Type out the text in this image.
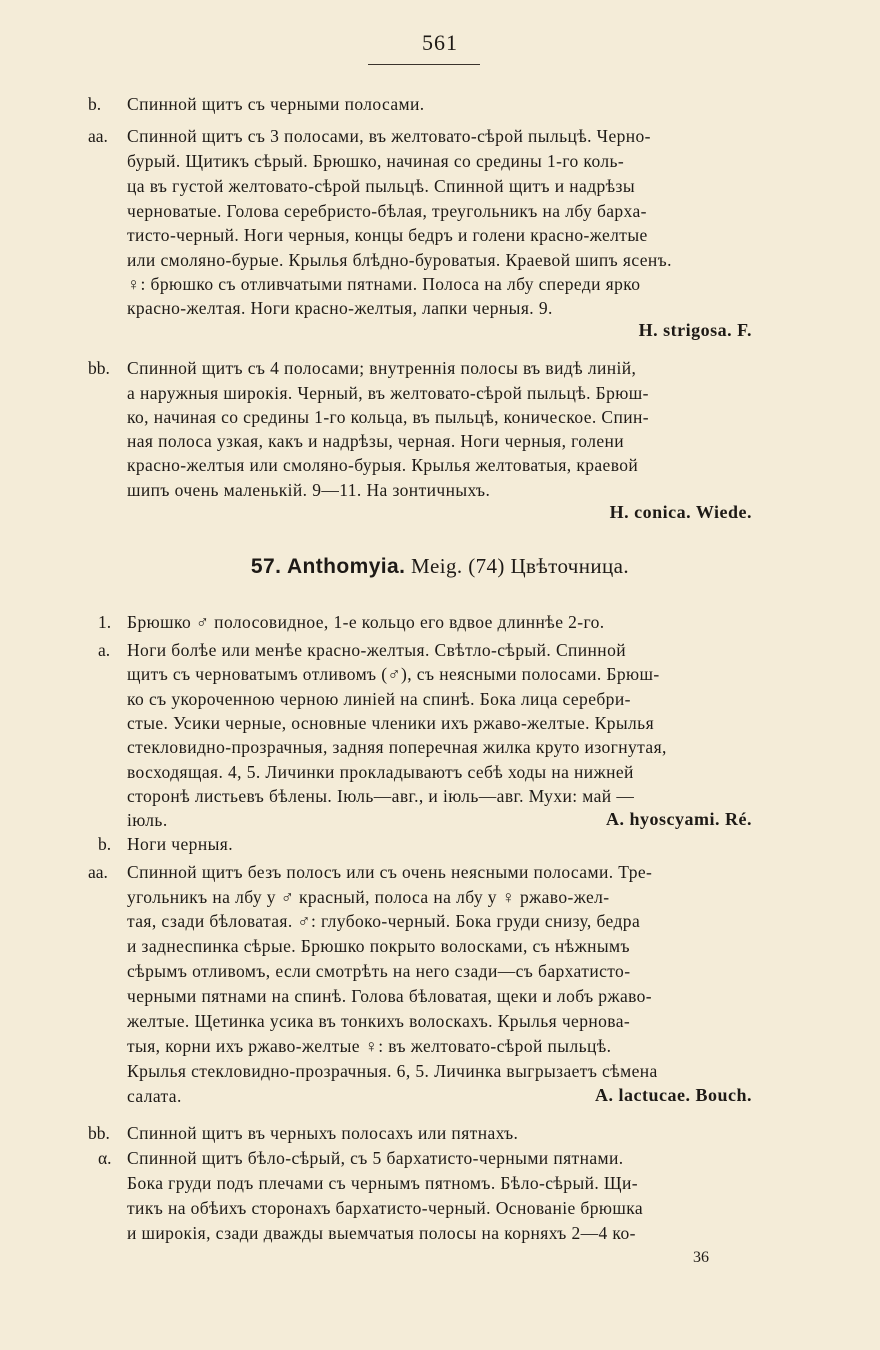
561
b. Спинной щитъ съ черными полосами.
aa. Спинной щитъ съ 3 полосами, въ желтовато-сѣрой пыльцѣ. Черно-
бурый. Щитикъ сѣрый. Брюшко, начиная со средины 1-го коль-
ца въ густой желтовато-сѣрой пыльцѣ. Спинной щитъ и надрѣзы
черноватые. Голова серебристо-бѣлая, треугольникъ на лбу барха-
тисто-черный. Ноги черныя, концы бедръ и голени красно-желтые
или смоляно-бурые. Крылья блѣдно-буроватыя. Краевой шипъ ясенъ.
♀: брюшко съ отливчатыми пятнами. Полоса на лбу спереди ярко
красно-желтая. Ноги красно-желтыя, лапки черныя. 9.
H. strigosa. F.
bb. Спинной щитъ съ 4 полосами; внутреннія полосы въ видѣ линій,
а наружныя широкія. Черный, въ желтовато-сѣрой пыльцѣ. Брюш-
ко, начиная со средины 1-го кольца, въ пыльцѣ, коническое. Спин-
ная полоса узкая, какъ и надрѣзы, черная. Ноги черныя, голени
красно-желтыя или смоляно-бурыя. Крылья желтоватыя, краевой
шипъ очень маленькій. 9—11. На зонтичныхъ.
H. conica. Wiede.
57. Anthomyia. Meig. (74) Цвѣточница.
1. Брюшко ♂ полосовидное, 1-е кольцо его вдвое длиннѣе 2-го.
a. Ноги болѣе или менѣе красно-желтыя. Свѣтло-сѣрый. Спинной
щитъ съ черноватымъ отливомъ (♂), съ неясными полосами. Брюш-
ко съ укороченною черною линіей на спинѣ. Бока лица серебри-
стые. Усики черные, основные членики ихъ ржаво-желтые. Крылья
стекловидно-прозрачныя, задняя поперечная жилка круто изогнутая,
восходящая. 4, 5. Личинки прокладываютъ себѣ ходы на нижней
сторонѣ листьевъ бѣлены. Іюль—авг., и іюль—авг. Мухи: май —
іюль.	A. hyoscyami. Ré.
b. Ноги черныя.
aa. Спинной щитъ безъ полосъ или съ очень неясными полосами. Тре-
угольникъ на лбу у ♂ красный, полоса на лбу у ♀ ржаво-жел-
тая, сзади бѣловатая. ♂: глубоко-черный. Бока груди снизу, бедра
и заднеспинка сѣрые. Брюшко покрыто волосками, съ нѣжнымъ
сѣрымъ отливомъ, если смотрѣть на него сзади—съ бархатисто-
черными пятнами на спинѣ. Голова бѣловатая, щеки и лобъ ржаво-
желтые. Щетинка усика въ тонкихъ волоскахъ. Крылья чернова-
тыя, корни ихъ ржаво-желтые ♀: въ желтовато-сѣрой пыльцѣ.
Крылья стекловидно-прозрачныя. 6, 5. Личинка выгрызаетъ сѣмена
салата.	A. lactucae. Bouch.
bb. Спинной щитъ въ черныхъ полосахъ или пятнахъ.
α. Спинной щитъ бѣло-сѣрый, съ 5 бархатисто-черными пятнами.
Бока груди подъ плечами съ чернымъ пятномъ. Бѣло-сѣрый. Щи-
тикъ на обѣихъ сторонахъ бархатисто-черный. Основаніе брюшка
и широкія, сзади дважды выемчатыя полосы на корняхъ 2—4 ко-
36
